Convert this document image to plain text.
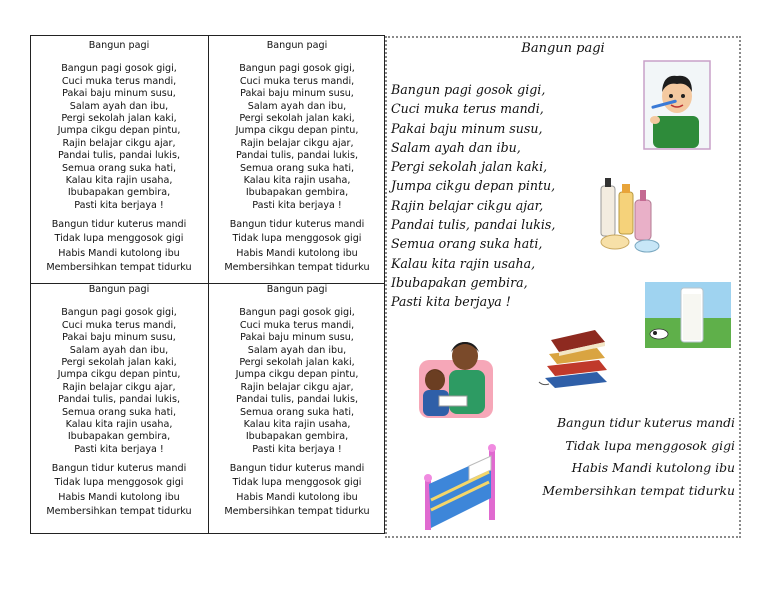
Bangun pagi
Bangun pagi gosok gigi,
Cuci muka terus mandi,
Pakai baju minum susu,
Salam ayah dan ibu,
Pergi sekolah jalan kaki,
Jumpa cikgu depan pintu,
Rajin belajar cikgu ajar,
Pandai tulis, pandai lukis,
Semua orang suka hati,
Kalau kita rajin usaha,
Ibubapakan gembira,
Pasti kita berjaya !
Bangun tidur kuterus mandi
Tidak lupa menggosok gigi
Habis Mandi kutolong ibu
Membersihkan tempat tidurku
Bangun pagi
Bangun pagi gosok gigi,
Cuci muka terus mandi,
Pakai baju minum susu,
Salam ayah dan ibu,
Pergi sekolah jalan kaki,
Jumpa cikgu depan pintu,
Rajin belajar cikgu ajar,
Pandai tulis, pandai lukis,
Semua orang suka hati,
Kalau kita rajin usaha,
Ibubapakan gembira,
Pasti kita berjaya !
Bangun tidur kuterus mandi
Tidak lupa menggosok gigi
Habis Mandi kutolong ibu
Membersihkan tempat tidurku
Bangun pagi
Bangun pagi gosok gigi,
Cuci muka terus mandi,
Pakai baju minum susu,
Salam ayah dan ibu,
Pergi sekolah jalan kaki,
Jumpa cikgu depan pintu,
Rajin belajar cikgu ajar,
Pandai tulis, pandai lukis,
Semua orang suka hati,
Kalau kita rajin usaha,
Ibubapakan gembira,
Pasti kita berjaya !
Bangun tidur kuterus mandi
Tidak lupa menggosok gigi
Habis Mandi kutolong ibu
Membersihkan tempat tidurku
Bangun pagi
Bangun pagi gosok gigi,
Cuci muka terus mandi,
Pakai baju minum susu,
Salam ayah dan ibu,
Pergi sekolah jalan kaki,
Jumpa cikgu depan pintu,
Rajin belajar cikgu ajar,
Pandai tulis, pandai lukis,
Semua orang suka hati,
Kalau kita rajin usaha,
Ibubapakan gembira,
Pasti kita berjaya !
Bangun tidur kuterus mandi
Tidak lupa menggosok gigi
Habis Mandi kutolong ibu
Membersihkan tempat tidurku
Bangun pagi
Bangun pagi gosok gigi,
Cuci muka terus mandi,
Pakai baju minum susu,
Salam ayah dan ibu,
Pergi sekolah jalan kaki,
Jumpa cikgu depan pintu,
Rajin belajar cikgu ajar,
Pandai tulis, pandai lukis,
Semua orang suka hati,
Kalau kita rajin usaha,
Ibubapakan gembira,
Pasti kita berjaya !
Bangun tidur kuterus mandi
Tidak lupa menggosok gigi
Habis Mandi kutolong ibu
Membersihkan tempat tidurku
